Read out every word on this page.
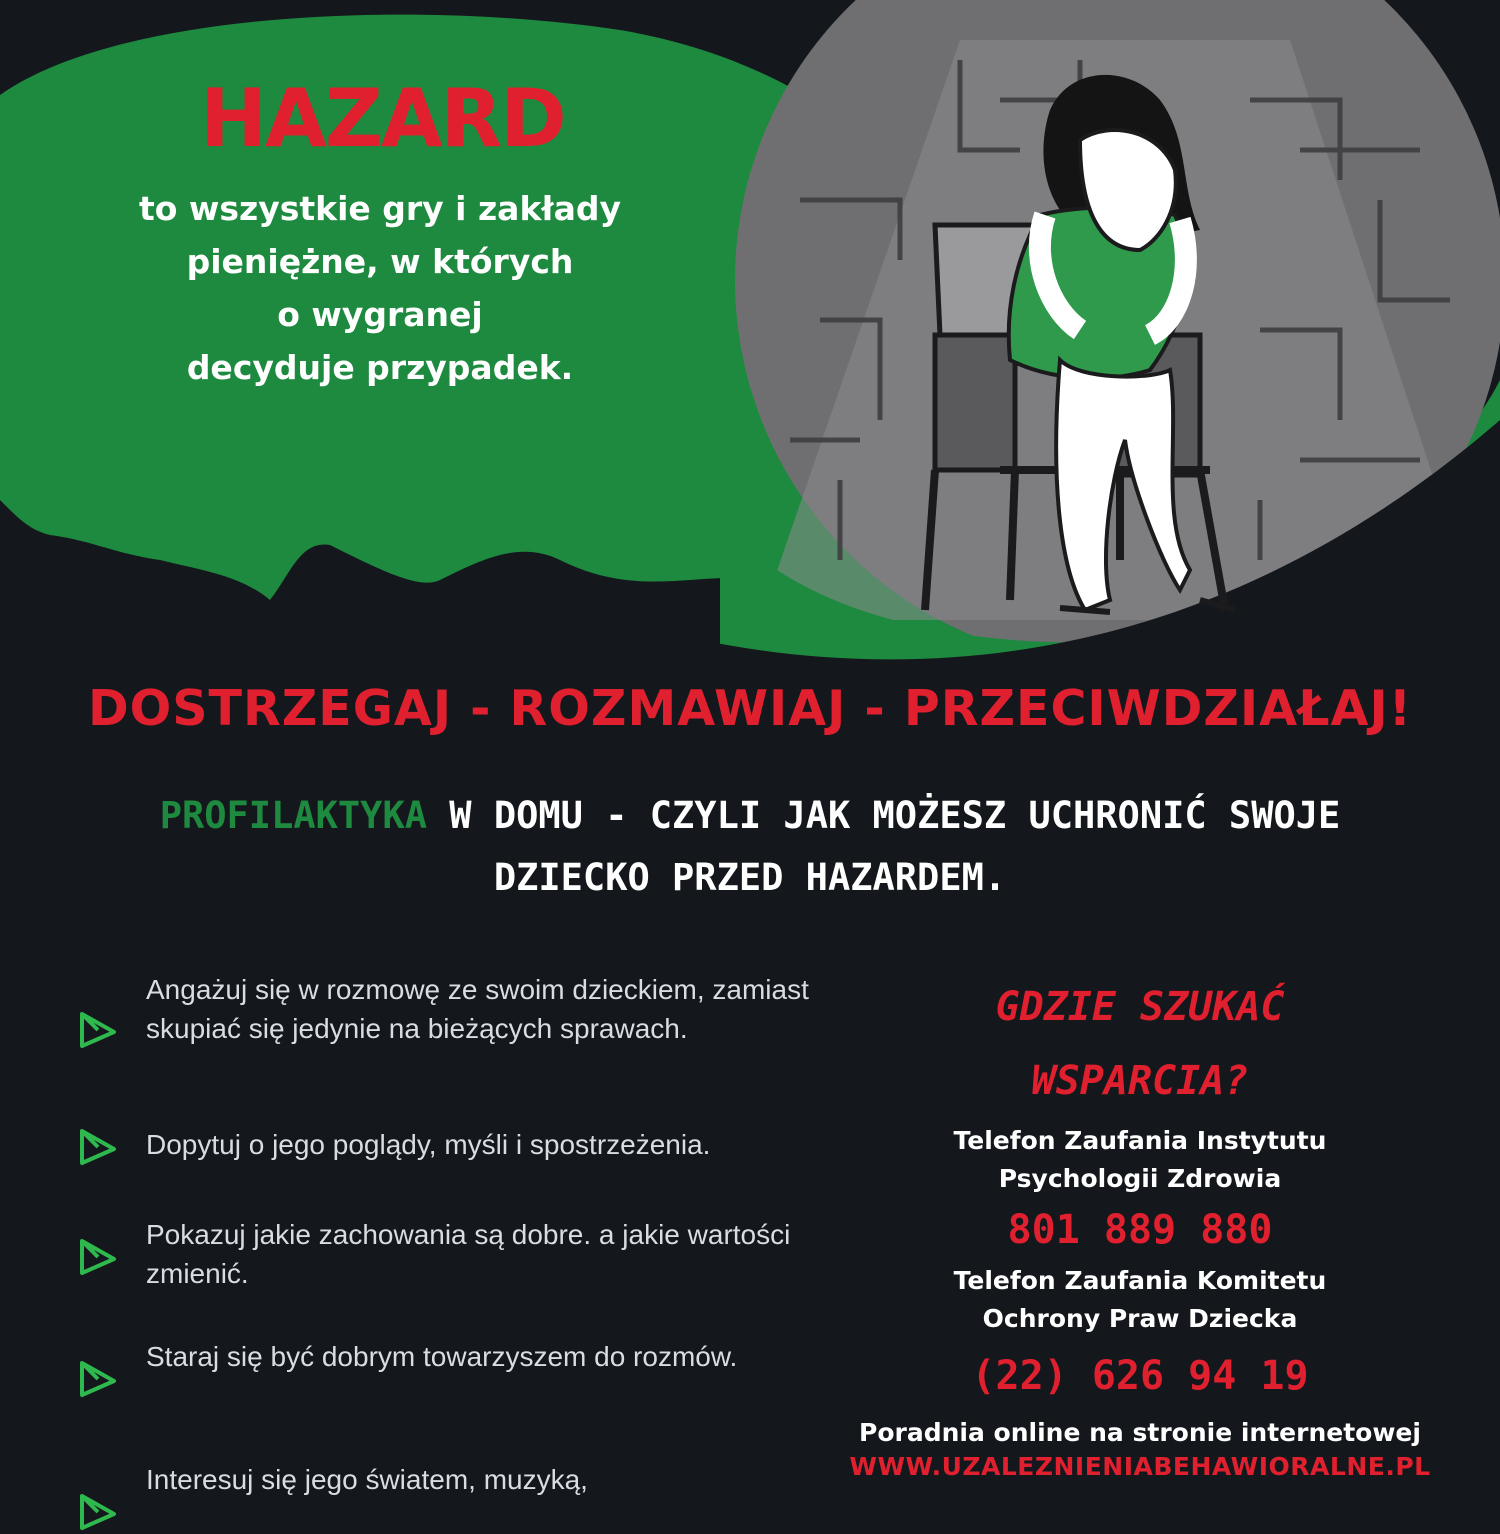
HAZARD
to wszystkie gry i zakłady
pieniężne, w których
o wygranej
decyduje przypadek.
DOSTRZEGAJ - ROZMAWIAJ - PRZECIWDZIAŁAJ!
PROFILAKTYKA W DOMU - CZYLI JAK MOŻESZ UCHRONIĆ SWOJE
DZIECKO PRZED HAZARDEM.
Angażuj się w rozmowę ze swoim dzieckiem, zamiast skupiać się jedynie na bieżących sprawach.
Dopytuj o jego poglądy, myśli i spostrzeżenia.
Pokazuj jakie zachowania są dobre. a jakie wartości zmienić.
Staraj się być dobrym towarzyszem do rozmów.
Interesuj się jego światem, muzyką,
GDZIE SZUKAĆ
WSPARCIA?
Telefon Zaufania Instytutu
Psychologii Zdrowia
801 889 880
Telefon Zaufania Komitetu
Ochrony Praw Dziecka
(22) 626 94 19
Poradnia online na stronie internetowej
WWW.UZALEZNIENIABEHAWIORALNE.PL
